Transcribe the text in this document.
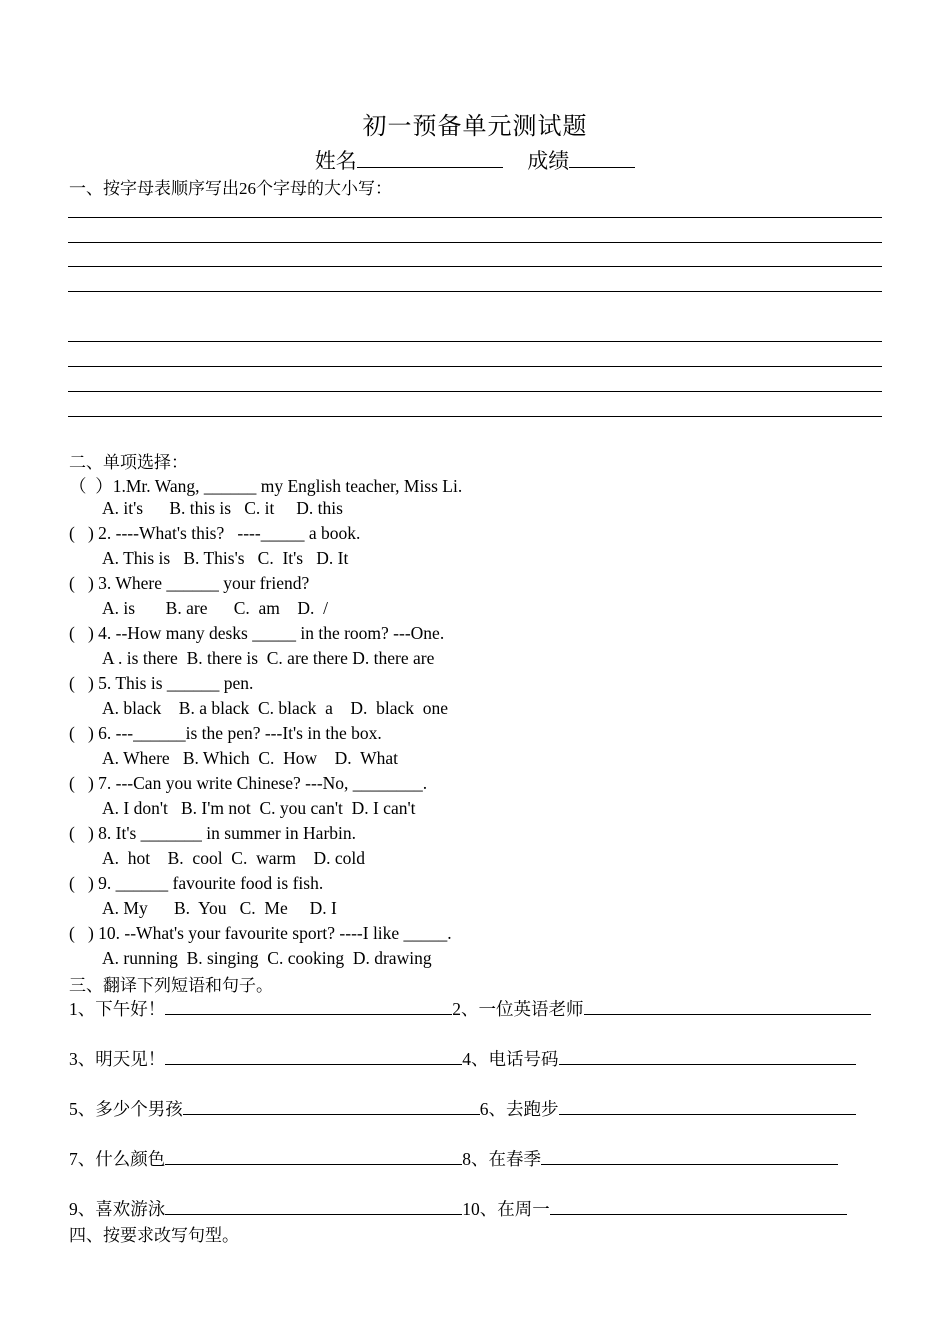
初一预备单元测试题
姓名	成绩
一、按字母表顺序写出26个字母的大小写：
二、单项选择：
（  ）1.Mr. Wang, ______ my English teacher, Miss Li.
A. it's      B. this is   C. it     D. this
(   ) 2. ----What's this?   ----_____ a book.
A. This is   B. This's   C.  It's   D. It
(   ) 3. Where ______ your friend?
A. is       B. are      C.  am    D.  /
(   ) 4. --How many desks _____ in the room? ---One.
A . is there  B. there is  C. are there D. there are
(   ) 5. This is ______ pen.
A. black    B. a black  C. black  a    D.  black  one
(   ) 6. ---______is the pen? ---It's in the box.
A. Where   B. Which  C.  How    D.  What
(   ) 7. ---Can you write Chinese? ---No, ________.
A. I don't   B. I'm not  C. you can't  D. I can't
(   ) 8. It's _______ in summer in Harbin.
A.  hot    B.  cool  C.  warm    D. cold
(   ) 9. ______ favourite food is fish.
A. My      B.  You   C.  Me     D. I
(   ) 10. --What's your favourite sport? ----I like _____.
A. running  B. singing  C. cooking  D. drawing
三、翻译下列短语和句子。
1、下午好！	2、一位英语老师
3、明天见！	4、电话号码
5、多少个男孩	6、去跑步
7、什么颜色	8、在春季
9、喜欢游泳	10、在周一
四、按要求改写句型。
